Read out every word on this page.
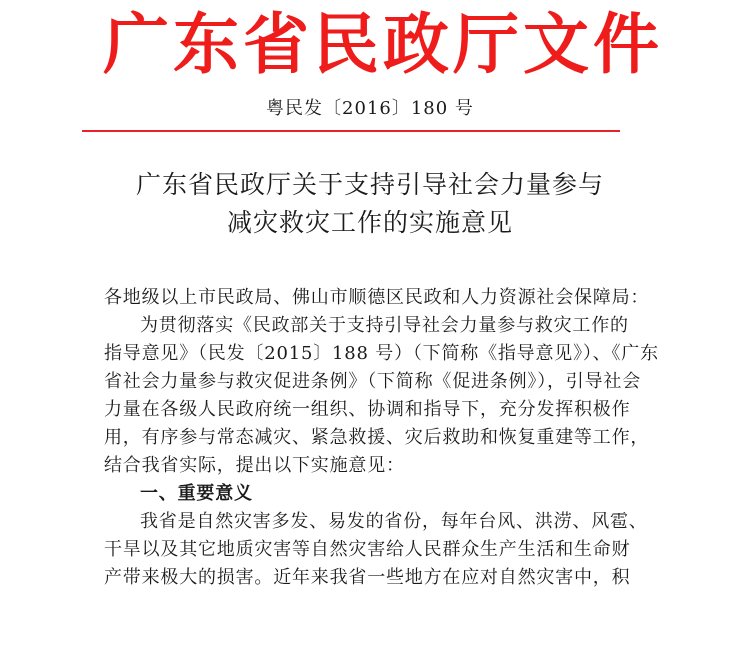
广东省民政厅文件
粤民发〔2016〕180 号
广东省民政厅关于支持引导社会力量参与
减灾救灾工作的实施意见
各地级以上市民政局、佛山市顺德区民政和人力资源社会保障局：
为贯彻落实《民政部关于支持引导社会力量参与救灾工作的
指导意见》（民发〔2015〕188 号）（下简称《指导意见》）、《广东
省社会力量参与救灾促进条例》（下简称《促进条例》），引导社会
力量在各级人民政府统一组织、协调和指导下，充分发挥积极作
用，有序参与常态减灾、紧急救援、灾后救助和恢复重建等工作，
结合我省实际，提出以下实施意见：
一、重要意义
我省是自然灾害多发、易发的省份，每年台风、洪涝、风雹、
干旱以及其它地质灾害等自然灾害给人民群众生产生活和生命财
产带来极大的损害。近年来我省一些地方在应对自然灾害中，积
